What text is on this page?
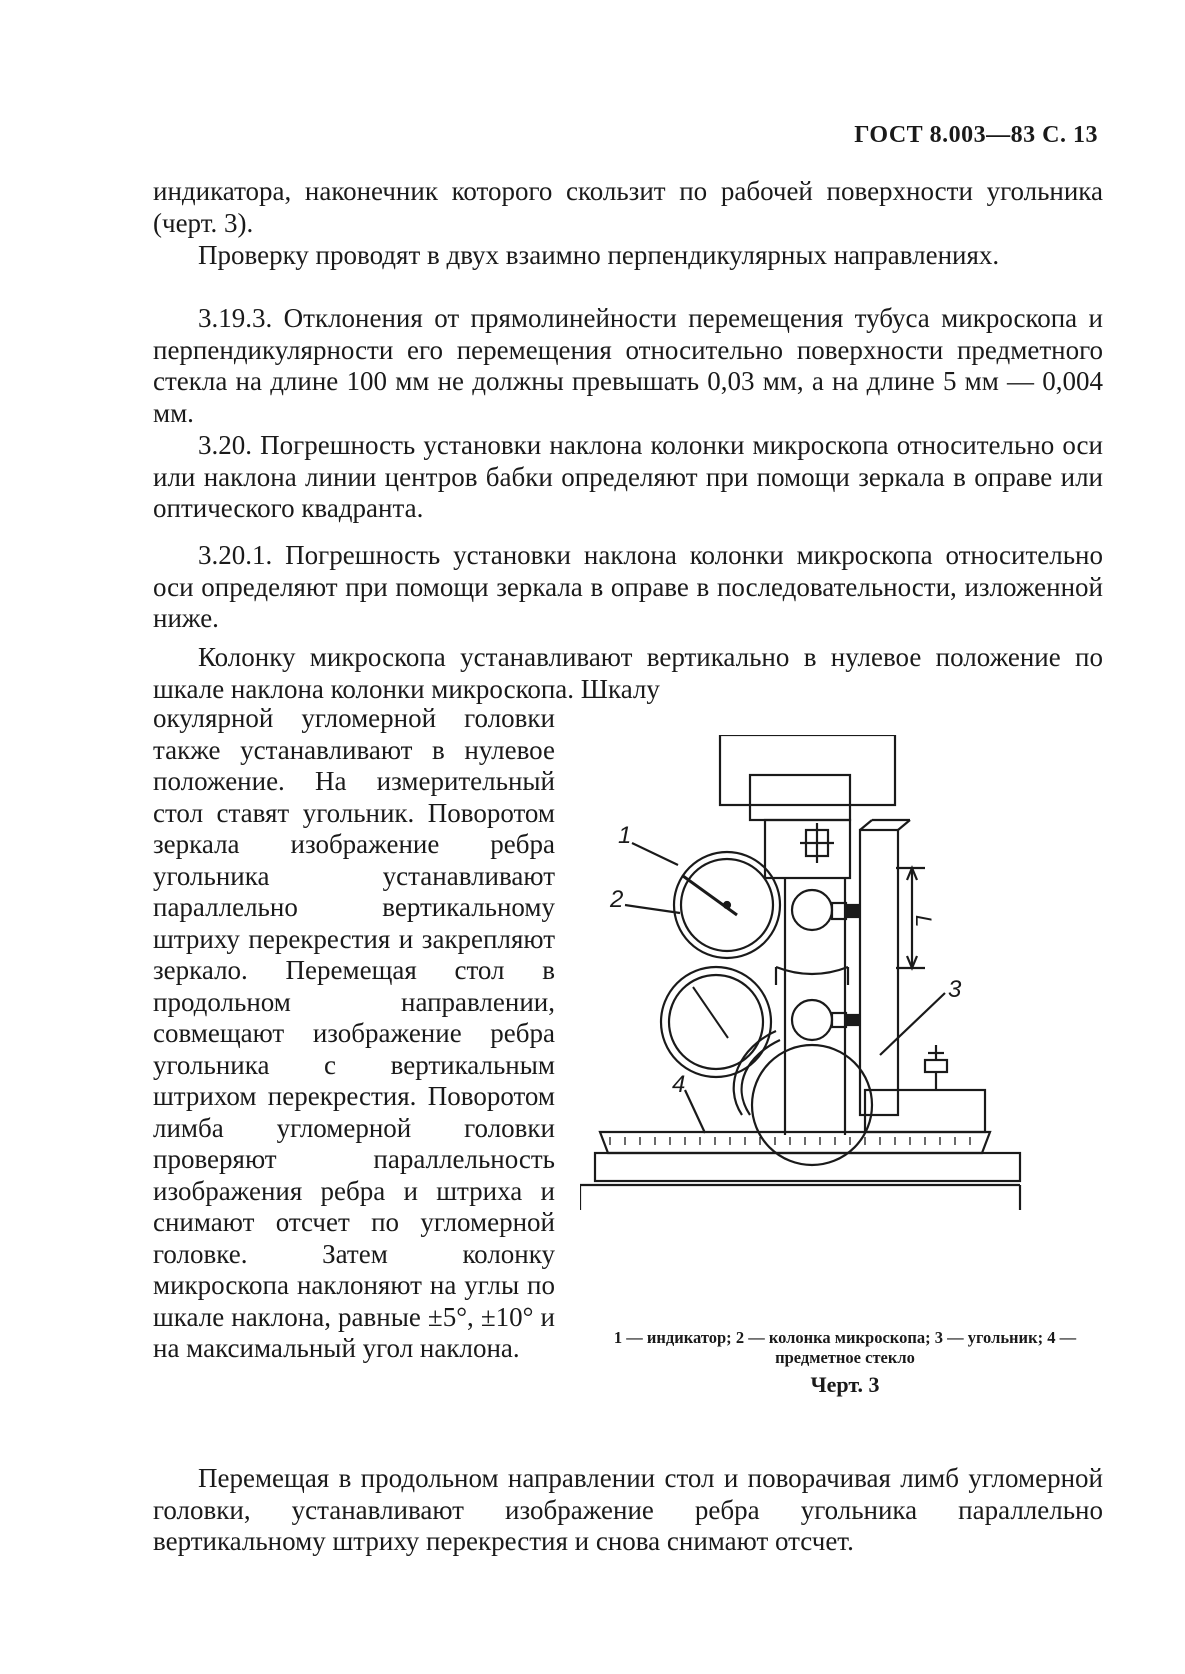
ГОСТ 8.003—83 С. 13

индикатора, наконечник которого скользит по рабочей поверхности угольника (черт. 3).

Проверку проводят в двух взаимно перпендикулярных направлениях.

3.19.3. Отклонения от прямолинейности перемещения тубуса микроскопа и перпендикулярности его перемещения относительно поверхности предметного стекла на длине 100 мм не должны превышать 0,03 мм, а на длине 5 мм — 0,004 мм.

3.20. Погрешность установки наклона колонки микроскопа относительно оси или наклона линии центров бабки определяют при помощи зеркала в оправе или оптического квадранта.

3.20.1. Погрешность установки наклона колонки микроскопа относительно оси определяют при помощи зеркала в оправе в последовательности, изложенной ниже.

Колонку микроскопа устанавливают вертикально в нулевое положение по шкале наклона колонки микроскопа. Шкалу

окулярной угломерной головки также устанавливают в нулевое положение. На измерительный стол ставят угольник. Поворотом зеркала изображение ребра угольника устанавливают параллельно вертикальному штриху перекрестия и закрепляют зеркало. Перемещая стол в продольном направлении, совмещают изображение ребра угольника с вертикальным штрихом перекрестия. Поворотом лимба угломерной головки проверяют параллельность изображения ребра и штриха и снимают отсчет по угломерной головке. Затем колонку микроскопа наклоняют на углы по шкале наклона, равные ±5°, ±10° и на максимальный угол наклона.

Перемещая в продольном направлении стол и поворачивая лимб угломерной головки, устанавливают изображение ребра угольника параллельно вертикальному штриху перекрестия и снова снимают отсчет.

1
2
3
4
L
1 — индикатор; 2 — колонка микроскопа; 3 — угольник; 4 — предметное стекло
Черт. 3
